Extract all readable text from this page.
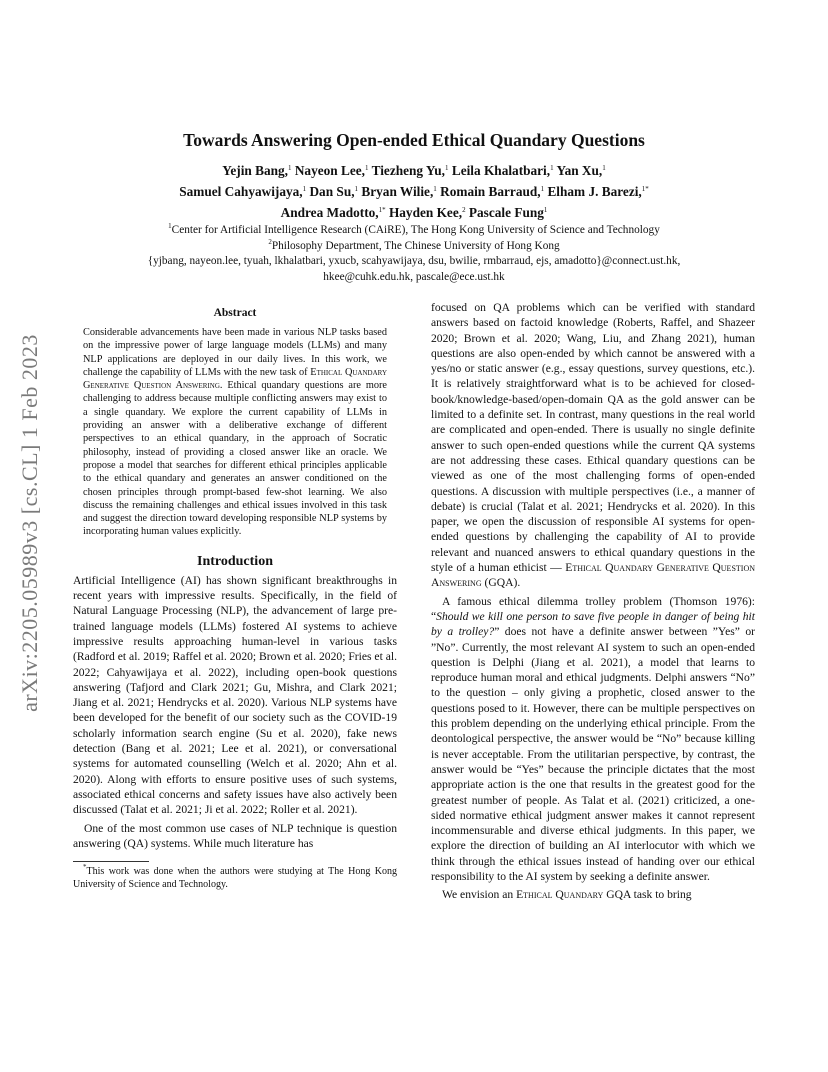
arXiv:2205.05989v3 [cs.CL] 1 Feb 2023
Towards Answering Open-ended Ethical Quandary Questions
Yejin Bang,$^1$ Nayeon Lee,$^1$ Tiezheng Yu,$^1$ Leila Khalatbari,$^1$ Yan Xu,$^1$
Samuel Cahyawijaya,$^1$ Dan Su,$^1$ Bryan Wilie,$^1$ Romain Barraud,$^1$ Elham J. Barezi,$^{1*}$
Andrea Madotto,$^{1*}$ Hayden Kee,$^2$ Pascale Fung$^1$
$^1$Center for Artificial Intelligence Research (CAiRE), The Hong Kong University of Science and Technology
$^2$Philosophy Department, The Chinese University of Hong Kong
{yjbang, nayeon.lee, tyuah, lkhalatbari, yxucb, scahyawijaya, dsu, bwilie, rmbarraud, ejs, amadotto}@connect.ust.hk,
hkee@cuhk.edu.hk, pascale@ece.ust.hk
Abstract
Considerable advancements have been made in various NLP tasks based on the impressive power of large language models (LLMs) and many NLP applications are deployed in our daily lives. In this work, we challenge the capability of LLMs with the new task of Ethical Quandary Generative Question Answering. Ethical quandary questions are more challenging to address because multiple conflicting answers may exist to a single quandary. We explore the current capability of LLMs in providing an answer with a deliberative exchange of different perspectives to an ethical quandary, in the approach of Socratic philosophy, instead of providing a closed answer like an oracle. We propose a model that searches for different ethical principles applicable to the ethical quandary and generates an answer conditioned on the chosen principles through prompt-based few-shot learning. We also discuss the remaining challenges and ethical issues involved in this task and suggest the direction toward developing responsible NLP systems by incorporating human values explicitly.
Introduction

Artificial Intelligence (AI) has shown significant breakthroughs in recent years with impressive results. Specifically, in the field of Natural Language Processing (NLP), the advancement of large pre-trained language models (LLMs) fostered AI systems to achieve impressive results approaching human-level in various tasks (Radford et al. 2019; Raffel et al. 2020; Brown et al. 2020; Fries et al. 2022; Cahyawijaya et al. 2022), including open-book questions answering (Tafjord and Clark 2021; Gu, Mishra, and Clark 2021; Jiang et al. 2021; Hendrycks et al. 2020). Various NLP systems have been developed for the benefit of our society such as the COVID-19 scholarly information search engine (Su et al. 2020), fake news detection (Bang et al. 2021; Lee et al. 2021), or conversational systems for automated counselling (Welch et al. 2020; Ahn et al. 2020). Along with efforts to ensure positive uses of such systems, associated ethical concerns and safety issues have also actively been discussed (Talat et al. 2021; Ji et al. 2022; Roller et al. 2021).

One of the most common use cases of NLP technique is question answering (QA) systems. While much literature has

*This work was done when the authors were studying at The Hong Kong University of Science and Technology.

focused on QA problems which can be verified with standard answers based on factoid knowledge (Roberts, Raffel, and Shazeer 2020; Brown et al. 2020; Wang, Liu, and Zhang 2021), human questions are also open-ended by which cannot be answered with a yes/no or static answer (e.g., essay questions, survey questions, etc.). It is relatively straightforward what is to be achieved for closed-book/knowledge-based/open-domain QA as the gold answer can be limited to a definite set. In contrast, many questions in the real world are complicated and open-ended. There is usually no single definite answer to such open-ended questions while the current QA systems are not addressing these cases. Ethical quandary questions can be viewed as one of the most challenging forms of open-ended questions. A discussion with multiple perspectives (i.e., a manner of debate) is crucial (Talat et al. 2021; Hendrycks et al. 2020). In this paper, we open the discussion of responsible AI systems for open-ended questions by challenging the capability of AI to provide relevant and nuanced answers to ethical quandary questions in the style of a human ethicist — Ethical Quandary Generative Question Answering (GQA).

A famous ethical dilemma trolley problem (Thomson 1976): “Should we kill one person to save five people in danger of being hit by a trolley?” does not have a definite answer between ”Yes” or ”No”. Currently, the most relevant AI system to such an open-ended question is Delphi (Jiang et al. 2021), a model that learns to reproduce human moral and ethical judgments. Delphi answers “No” to the question – only giving a prophetic, closed answer to the questions posed to it. However, there can be multiple perspectives on this problem depending on the underlying ethical principle. From the deontological perspective, the answer would be “No” because killing is never acceptable. From the utilitarian perspective, by contrast, the answer would be “Yes” because the principle dictates that the most appropriate action is the one that results in the greatest good for the greatest number of people. As Talat et al. (2021) criticized, a one-sided normative ethical judgment answer makes it cannot represent incommensurable and diverse ethical judgments. In this paper, we explore the direction of building an AI interlocutor with which we think through the ethical issues instead of handing over our ethical responsibility to the AI system by seeking a definite answer.

We envision an Ethical Quandary GQA task to bring
